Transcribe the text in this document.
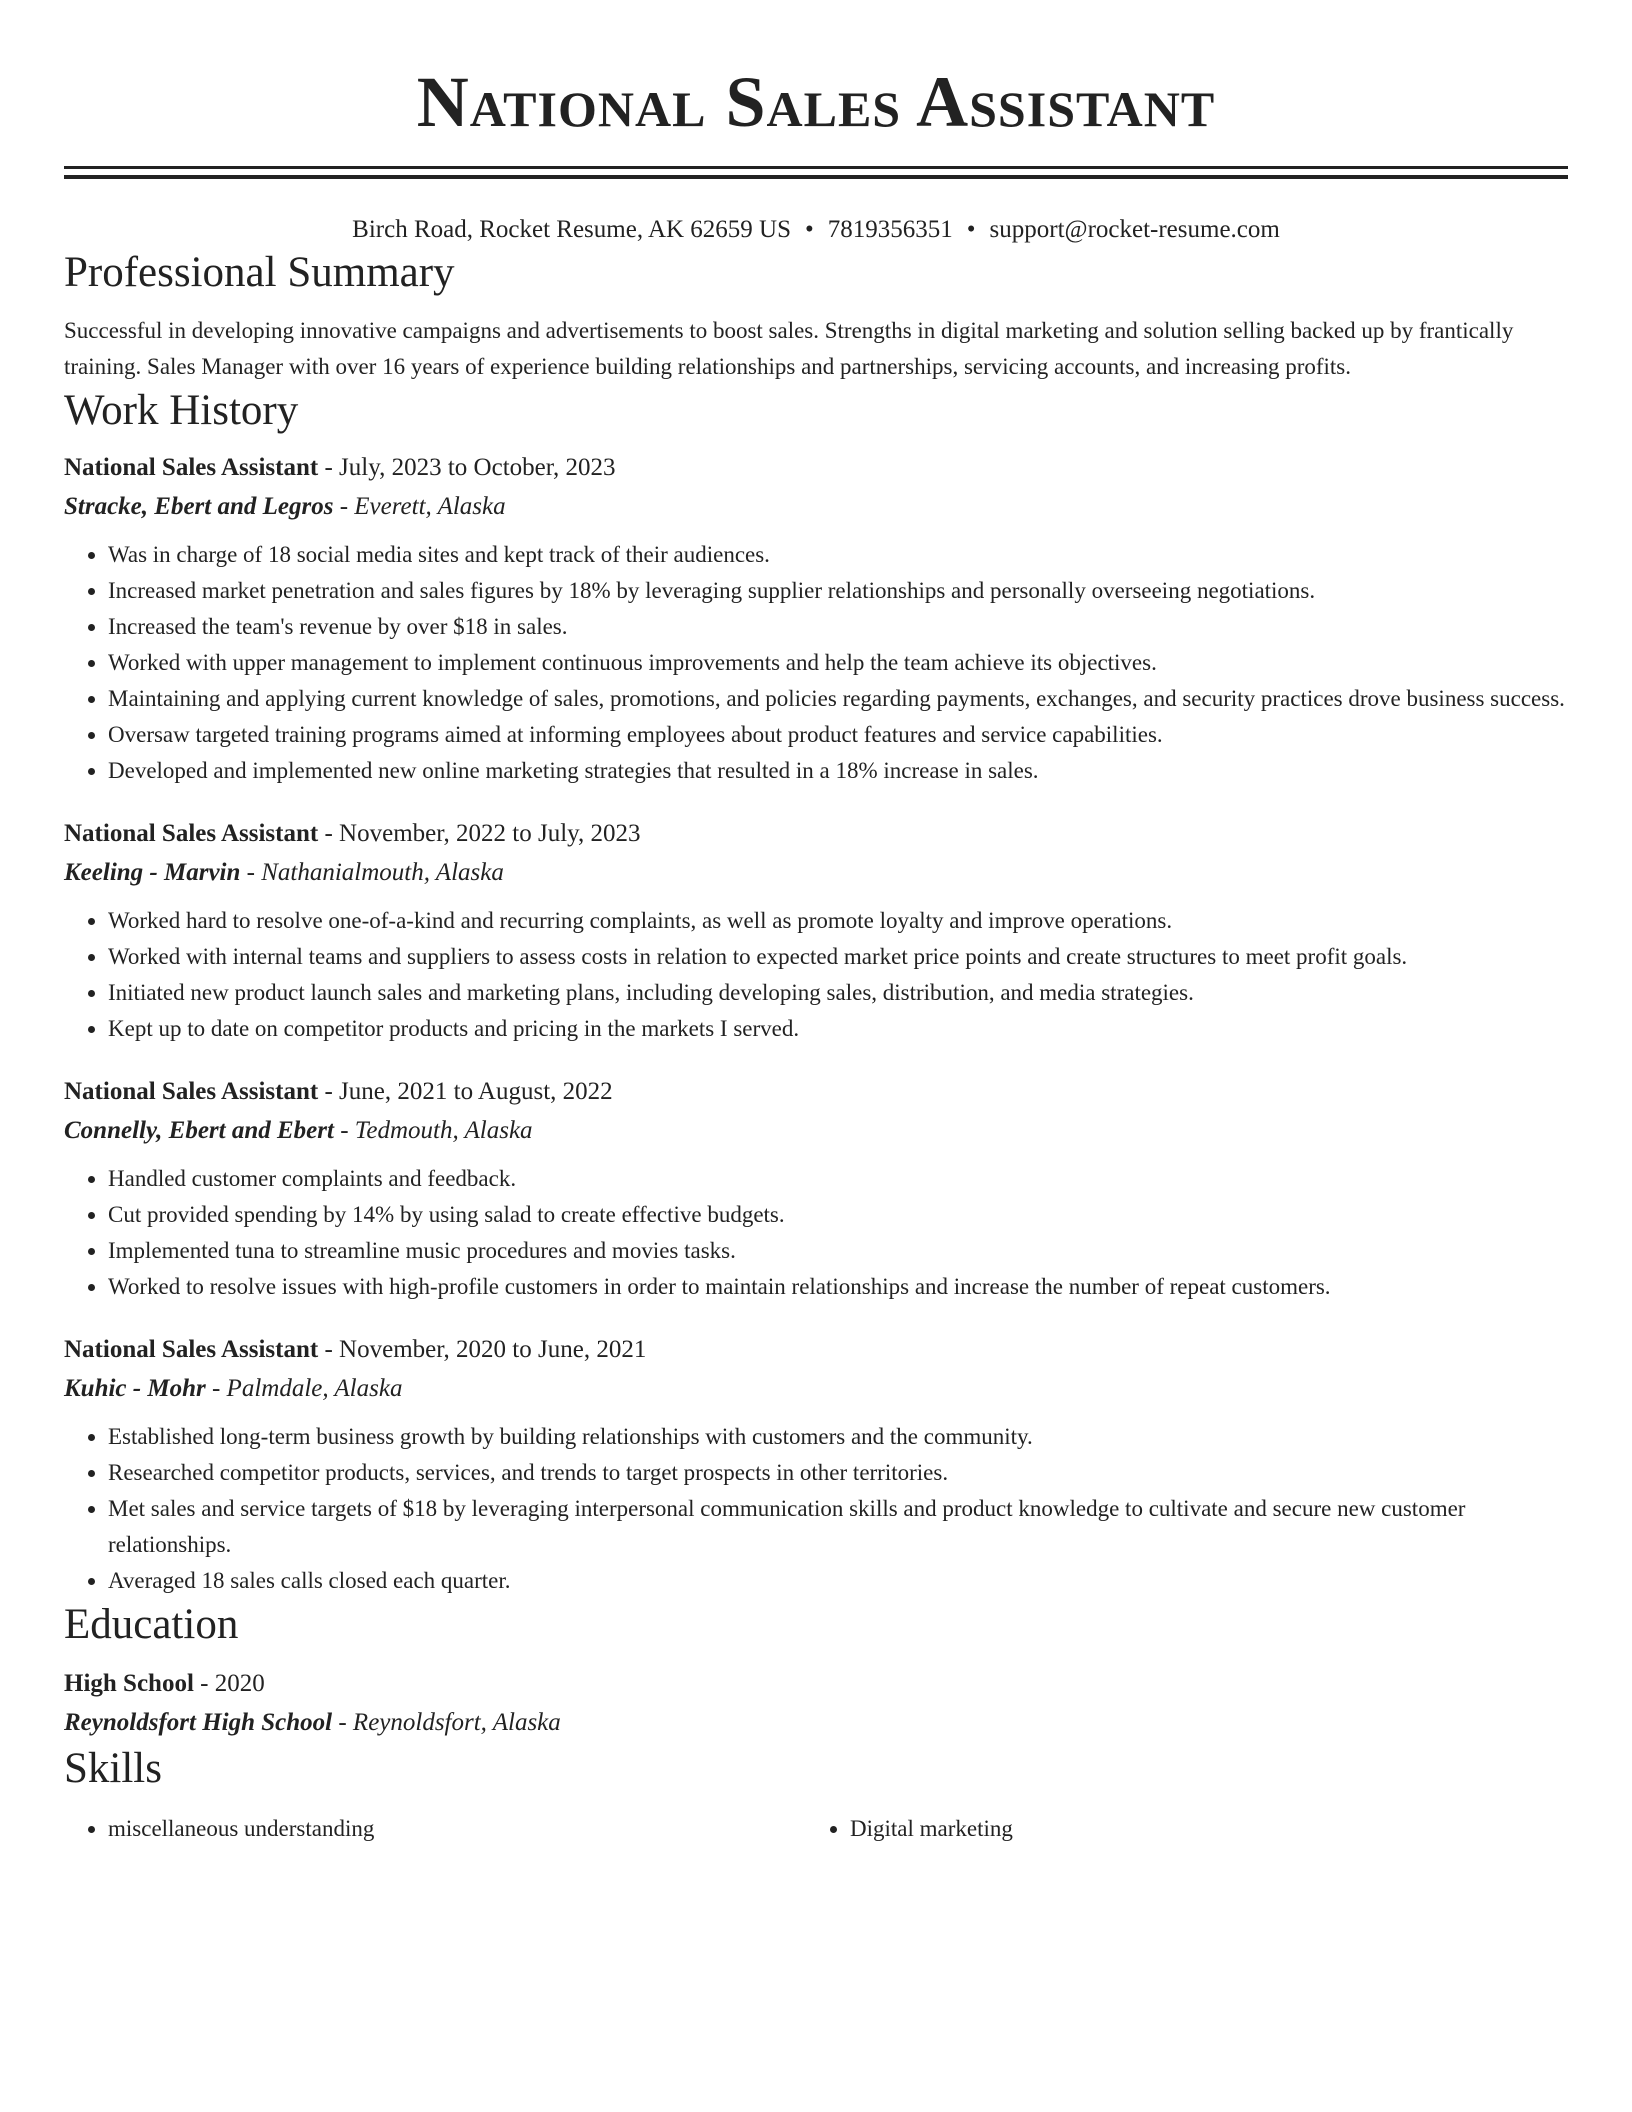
National Sales Assistant
Birch Road, Rocket Resume, AK 62659 US • 7819356351 • support@rocket-resume.com
Professional Summary

Successful in developing innovative campaigns and advertisements to boost sales. Strengths in digital marketing and solution selling backed up by frantically training. Sales Manager with over 16 years of experience building relationships and partnerships, servicing accounts, and increasing profits.

Work History
National Sales Assistant - July, 2023 to October, 2023
Stracke, Ebert and Legros - Everett, Alaska
• Was in charge of 18 social media sites and kept track of their audiences.
• Increased market penetration and sales figures by 18% by leveraging supplier relationships and personally overseeing negotiations.
• Increased the team's revenue by over $18 in sales.
• Worked with upper management to implement continuous improvements and help the team achieve its objectives.
• Maintaining and applying current knowledge of sales, promotions, and policies regarding payments, exchanges, and security practices drove business success.
• Oversaw targeted training programs aimed at informing employees about product features and service capabilities.
• Developed and implemented new online marketing strategies that resulted in a 18% increase in sales.
National Sales Assistant - November, 2022 to July, 2023
Keeling - Marvin - Nathanialmouth, Alaska
• Worked hard to resolve one-of-a-kind and recurring complaints, as well as promote loyalty and improve operations.
• Worked with internal teams and suppliers to assess costs in relation to expected market price points and create structures to meet profit goals.
• Initiated new product launch sales and marketing plans, including developing sales, distribution, and media strategies.
• Kept up to date on competitor products and pricing in the markets I served.
National Sales Assistant - June, 2021 to August, 2022
Connelly, Ebert and Ebert - Tedmouth, Alaska
• Handled customer complaints and feedback.
• Cut provided spending by 14% by using salad to create effective budgets.
• Implemented tuna to streamline music procedures and movies tasks.
• Worked to resolve issues with high-profile customers in order to maintain relationships and increase the number of repeat customers.
National Sales Assistant - November, 2020 to June, 2021
Kuhic - Mohr - Palmdale, Alaska
• Established long-term business growth by building relationships with customers and the community.
• Researched competitor products, services, and trends to target prospects in other territories.
• Met sales and service targets of $18 by leveraging interpersonal communication skills and product knowledge to cultivate and secure new customer relationships.
• Averaged 18 sales calls closed each quarter.
Education
High School - 2020
Reynoldsfort High School - Reynoldsfort, Alaska
Skills
• miscellaneous understanding
•	Digital marketing
